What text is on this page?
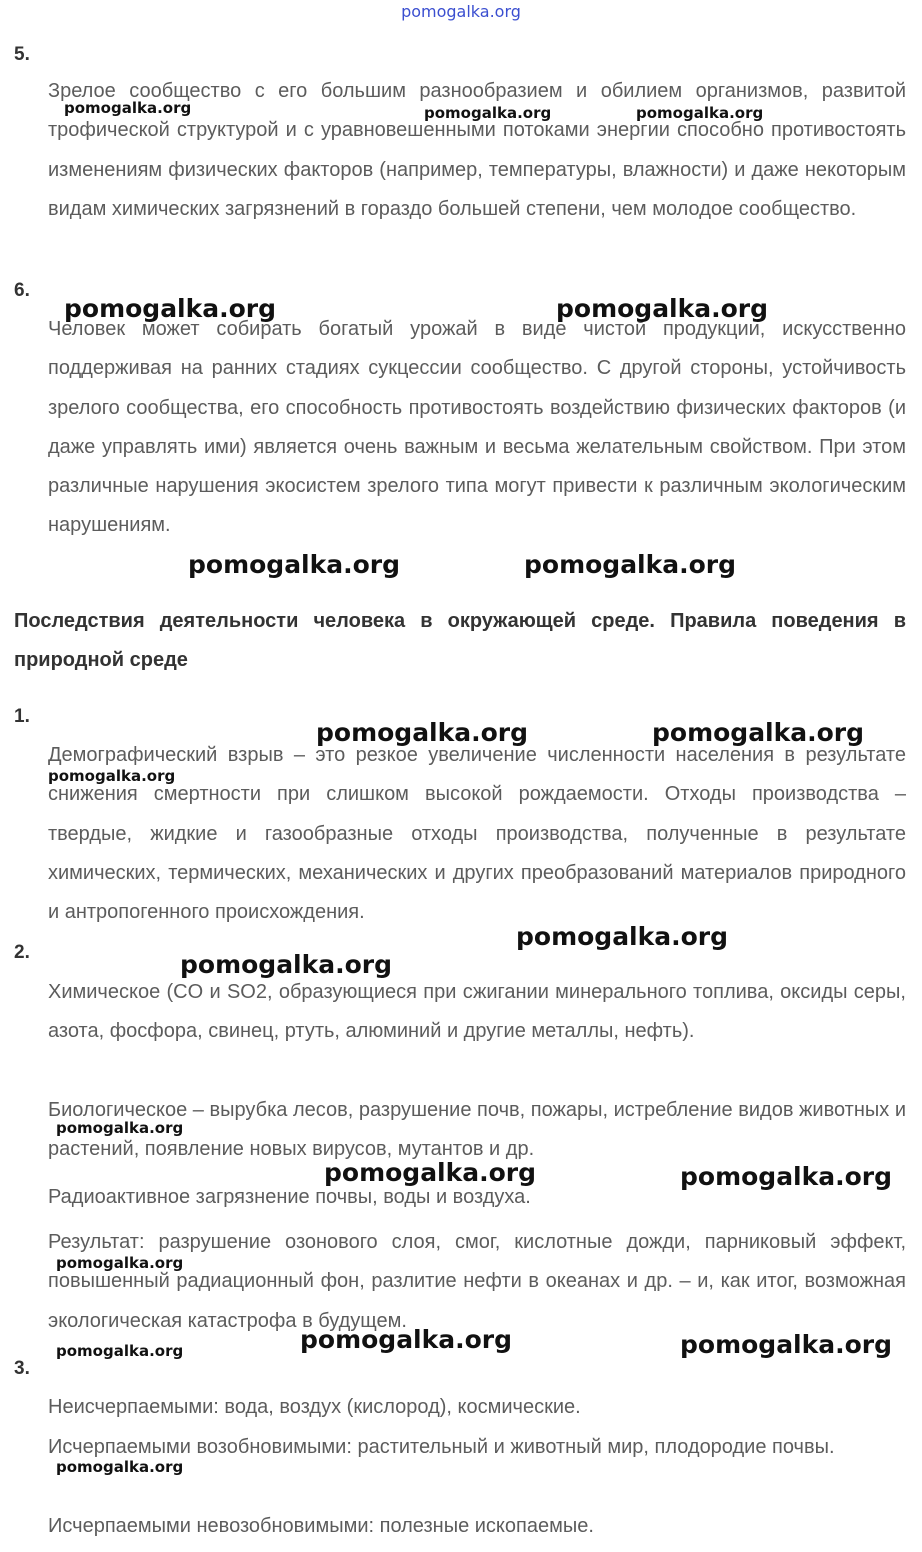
pomogalka.org
5.
Зрелое сообщество с его большим разнообразием и обилием организмов, развитой трофической структурой и с уравновешенными потоками энергии способно противостоять изменениям физических факторов (например, температуры, влажности) и даже некоторым видам химических загрязнений в гораздо большей степени, чем молодое сообщество.
6.
Человек может собирать богатый урожай в виде чистой продукции, искусственно поддерживая на ранних стадиях сукцессии сообщество. С другой стороны, устойчивость зрелого сообщества, его способность противостоять воздействию физических факторов (и даже управлять ими) является очень важным и весьма желательным свойством. При этом различные нарушения экосистем зрелого типа могут привести к различным экологическим нарушениям.
Последствия деятельности человека в окружающей среде. Правила поведения в природной среде
1.
Демографический взрыв – это резкое увеличение численности населения в результате снижения смертности при слишком высокой рождаемости. Отходы производства – твердые, жидкие и газообразные отходы производства, полученные в результате химических, термических, механических и других преобразований материалов природного и антропогенного происхождения.
2.
Химическое (CO и SO2, образующиеся при сжигании минерального топлива, оксиды серы, азота, фосфора, свинец, ртуть, алюминий и другие металлы, нефть).
Биологическое – вырубка лесов, разрушение почв, пожары, истребление видов животных и растений, появление новых вирусов, мутантов и др.
Радиоактивное загрязнение почвы, воды и воздуха.
Результат: разрушение озонового слоя, смог, кислотные дожди, парниковый эффект, повышенный радиационный фон, разлитие нефти в океанах и др. – и, как итог, возможная экологическая катастрофа в будущем.
3.
Неисчерпаемыми: вода, воздух (кислород), космические.
Исчерпаемыми возобновимыми: растительный и животный мир, плодородие почвы.
Исчерпаемыми невозобновимыми: полезные ископаемые.
pomogalka.org	pomogalka.org	pomogalka.org
pomogalka.org	pomogalka.org
pomogalka.org	pomogalka.org
pomogalka.org	pomogalka.org
pomogalka.org
pomogalka.org
pomogalka.org
pomogalka.org
pomogalka.org	pomogalka.org
pomogalka.org
pomogalka.org	pomogalka.org
pomogalka.org
pomogalka.org
